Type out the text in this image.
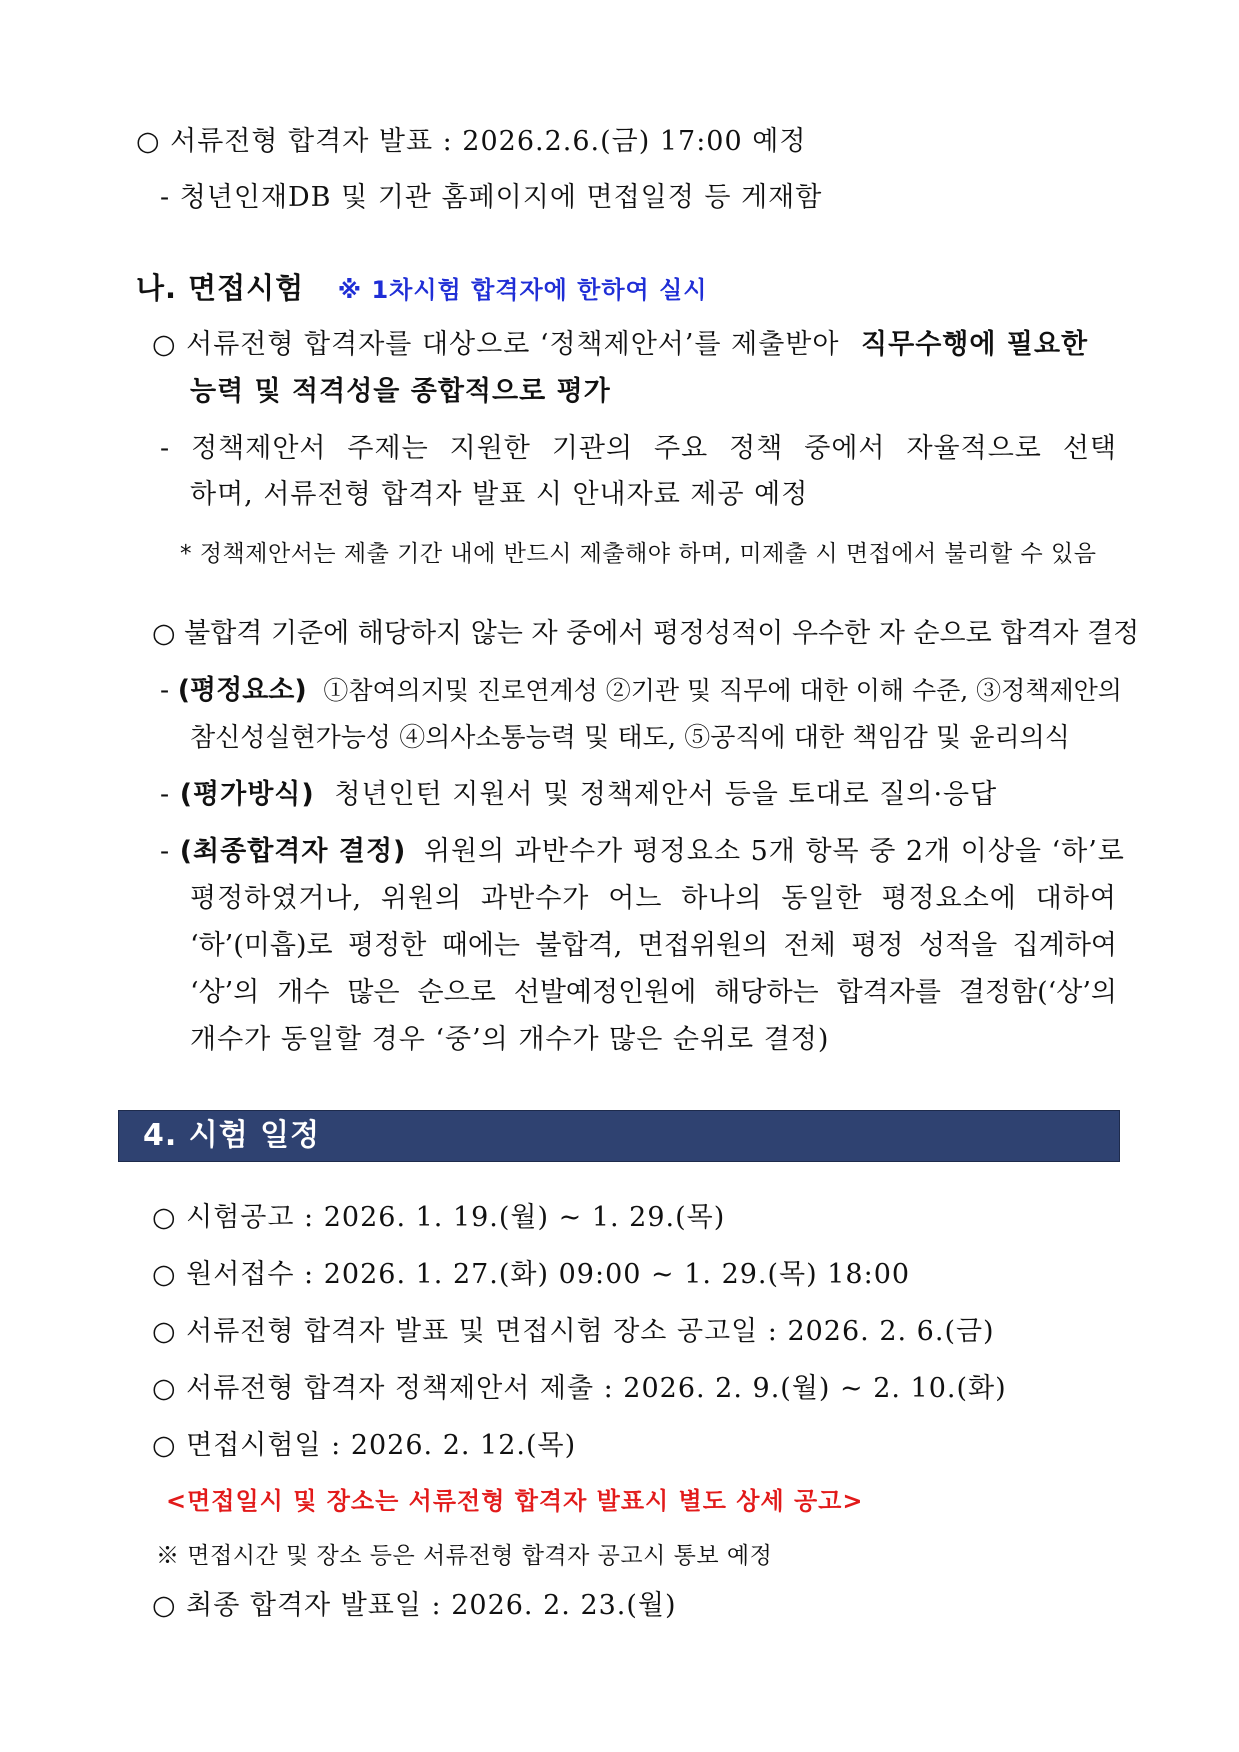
○ 서류전형 합격자 발표 : 2026.2.6.(금) 17:00 예정
- 청년인재DB 및 기관 홈페이지에 면접일정 등 게재함
나. 면접시험 ※ 1차시험 합격자에 한하여 실시
○ 서류전형 합격자를 대상으로 ‘정책제안서’를 제출받아 직무수행에 필요한
능력 및 적격성을 종합적으로 평가
- 정책제안서 주제는 지원한 기관의 주요 정책 중에서 자율적으로 선택
하며, 서류전형 합격자 발표 시 안내자료 제공 예정
* 정책제안서는 제출 기간 내에 반드시 제출해야 하며, 미제출 시 면접에서 불리할 수 있음
○ 불합격 기준에 해당하지 않는 자 중에서 평정성적이 우수한 자 순으로 합격자 결정
- (평정요소) ①참여의지및 진로연계성 ②기관 및 직무에 대한 이해 수준, ③정책제안의
참신성실현가능성 ④의사소통능력 및 태도, ⑤공직에 대한 책임감 및 윤리의식
- (평가방식) 청년인턴 지원서 및 정책제안서 등을 토대로 질의·응답
- (최종합격자 결정) 위원의 과반수가 평정요소 5개 항목 중 2개 이상을 ‘하’로
평정하였거나, 위원의 과반수가 어느 하나의 동일한 평정요소에 대하여
‘하’(미흡)로 평정한 때에는 불합격, 면접위원의 전체 평정 성적을 집계하여
‘상’의 개수 많은 순으로 선발예정인원에 해당하는 합격자를 결정함(‘상’의
개수가 동일할 경우 ‘중’의 개수가 많은 순위로 결정)
4. 시험 일정
○ 시험공고 : 2026. 1. 19.(월) ~ 1. 29.(목)
○ 원서접수 : 2026. 1. 27.(화) 09:00 ~ 1. 29.(목) 18:00
○ 서류전형 합격자 발표 및 면접시험 장소 공고일 : 2026. 2. 6.(금)
○ 서류전형 합격자 정책제안서 제출 : 2026. 2. 9.(월) ~ 2. 10.(화)
○ 면접시험일 : 2026. 2. 12.(목)
<면접일시 및 장소는 서류전형 합격자 발표시 별도 상세 공고>
※ 면접시간 및 장소 등은 서류전형 합격자 공고시 통보 예정
○ 최종 합격자 발표일 : 2026. 2. 23.(월)
